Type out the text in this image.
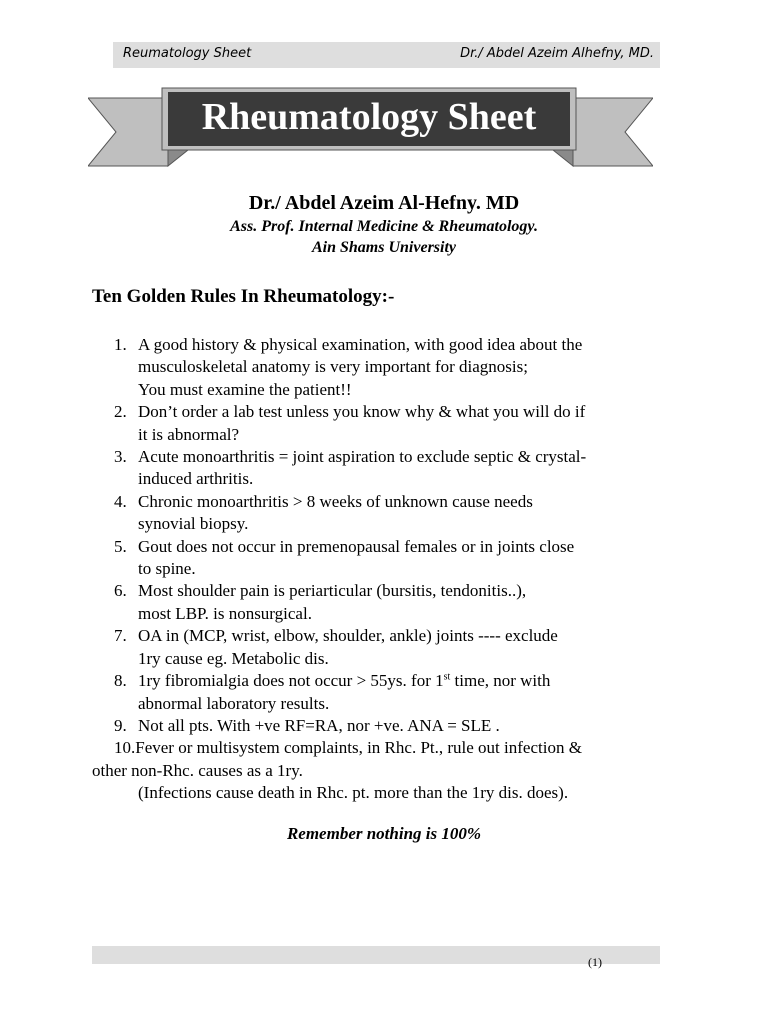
Reumatology Sheet	Dr./ Abdel Azeim Alhefny, MD.
Rheumatology Sheet
Dr./ Abdel Azeim Al-Hefny. MD
Ass. Prof. Internal Medicine & Rheumatology.
Ain Shams University
Ten Golden Rules In Rheumatology:-
1. A good history & physical examination, with good idea about the
musculoskeletal anatomy is very important for diagnosis;
You must examine the patient!!
2. Don’t order a lab test unless you know why & what you will do if
it is abnormal?
3. Acute monoarthritis = joint aspiration to exclude septic & crystal-
induced arthritis.
4. Chronic monoarthritis > 8 weeks of unknown cause needs
synovial biopsy.
5. Gout does not occur in premenopausal females or in joints close
to spine.
6. Most shoulder pain is periarticular (bursitis, tendonitis..),
most LBP. is nonsurgical.
7. OA in (MCP, wrist, elbow, shoulder, ankle) joints ---- exclude
1ry cause eg. Metabolic dis.
8. 1ry fibromialgia does not occur > 55ys. for 1st time, nor with
abnormal laboratory results.
9. Not all pts. With +ve RF=RA, nor +ve. ANA = SLE .
10.Fever or multisystem complaints, in Rhc. Pt., rule out infection &
other non-Rhc. causes as a 1ry.
(Infections cause death in Rhc. pt. more than the 1ry dis. does).
Remember nothing is 100%
(1)
